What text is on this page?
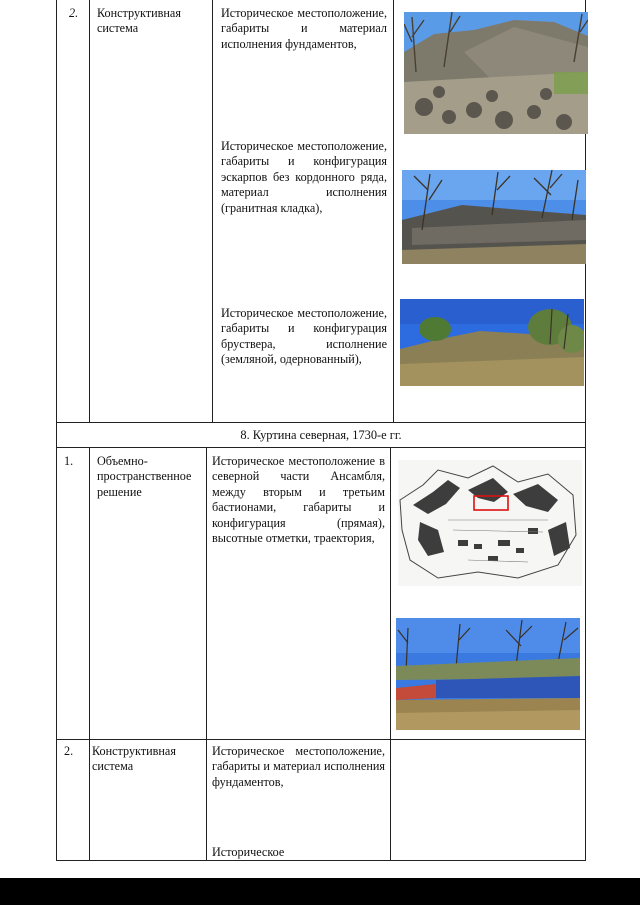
2. Конструктивная система
Историческое местоположение, габариты и материал исполнения фундаментов,
Историческое местоположение, габариты и конфигурация эскарпов без кордонного ряда, материал исполнения (гранитная кладка),
Историческое местоположение, габариты и конфигурация бруствера, исполнение (земляной, одернованный),
8. Куртина северная, 1730-е гг.
1. Объемно-пространственное решение
Историческое местоположение в северной части Ансамбля, между вторым и третьим бастионами, габариты и конфигурация (прямая), высотные отметки, траектория,
2. Конструктивная система
Историческое местоположение, габариты и материал исполнения фундаментов,
Историческое
